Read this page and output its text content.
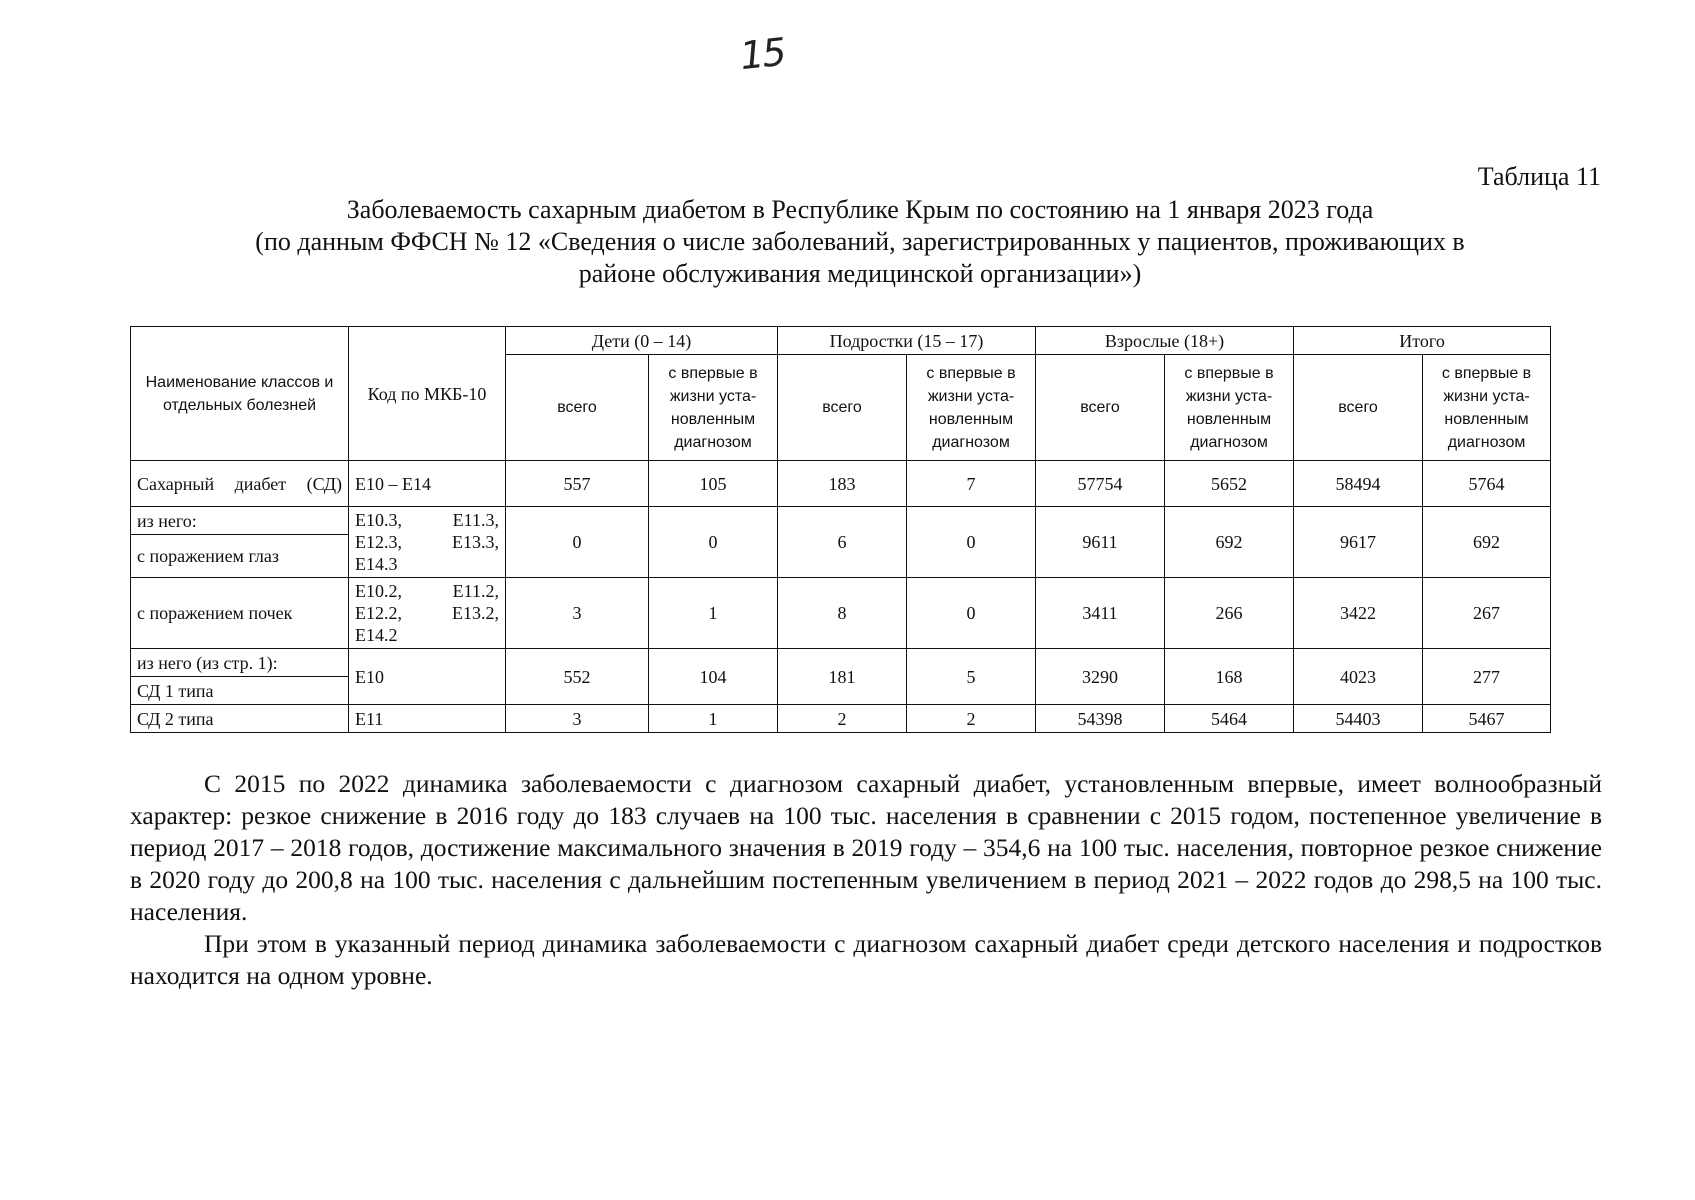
15
Таблица 11
Заболеваемость сахарным диабетом в Республике Крым по состоянию на 1 января 2023 года
(по данным ФФСН № 12 «Сведения о числе заболеваний, зарегистрированных у пациентов, проживающих в
районе обслуживания медицинской организации»)
Наименование классов и отдельных болезней	Код по МКБ-10	Дети (0 – 14)		Подростки (15 – 17)		Взрослые (18+)		Итого	
		всего	с впервые в жизни уста-новленным диагнозом	всего	с впервые в жизни уста-новленным диагнозом	всего	с впервые в жизни уста-новленным диагнозом	всего	с впервые в жизни уста-новленным диагнозом
Сахарный диабет (СД)	Е10 – Е14	557	105	183	7	57754	5652	58494	5764
из него:	Е10.3, Е11.3, Е12.3, Е13.3, Е14.3	0	0	6	0	9611	692	9617	692
с поражением глаз									
с поражением почек	Е10.2, Е11.2, Е12.2, Е13.2, Е14.2	3	1	8	0	3411	266	3422	267
из него (из стр. 1):	Е10	552	104	181	5	3290	168	4023	277
СД 1 типа									
СД 2 типа	Е11	3	1	2	2	54398	5464	54403	5467

С 2015 по 2022 динамика заболеваемости с диагнозом сахарный диабет, установленным впервые, имеет волнообразный характер: резкое снижение в 2016 году до 183 случаев на 100 тыс. населения в сравнении с 2015 годом, постепенное увеличение в период 2017 – 2018 годов, достижение максимального значения в 2019 году – 354,6 на 100 тыс. населения, повторное резкое снижение в 2020 году до 200,8 на 100 тыс. населения с дальнейшим постепенным увеличением в период 2021 – 2022 годов до 298,5 на 100 тыс. населения.

При этом в указанный период динамика заболеваемости с диагнозом сахарный диабет среди детского населения и подростков находится на одном уровне.
